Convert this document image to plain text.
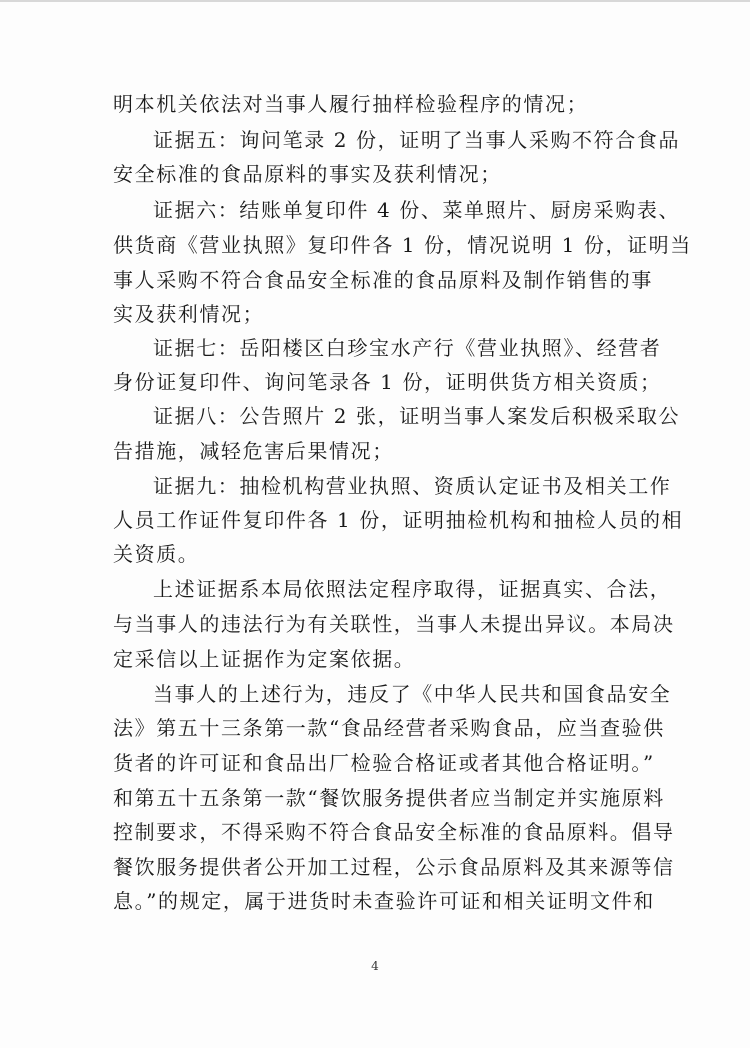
明本机关依法对当事人履行抽样检验程序的情况；
证据五：询问笔录 2 份，证明了当事人采购不符合食品
安全标准的食品原料的事实及获利情况；
证据六：结账单复印件 4 份、菜单照片、厨房采购表、
供货商《营业执照》复印件各 1 份，情况说明 1 份，证明当
事人采购不符合食品安全标准的食品原料及制作销售的事
实及获利情况；
证据七：岳阳楼区白珍宝水产行《营业执照》、经营者
身份证复印件、询问笔录各 1 份，证明供货方相关资质；
证据八：公告照片 2 张，证明当事人案发后积极采取公
告措施，减轻危害后果情况；
证据九：抽检机构营业执照、资质认定证书及相关工作
人员工作证件复印件各 1 份，证明抽检机构和抽检人员的相
关资质。
上述证据系本局依照法定程序取得，证据真实、合法，
与当事人的违法行为有关联性，当事人未提出异议。本局决
定采信以上证据作为定案依据。
当事人的上述行为，违反了《中华人民共和国食品安全
法》第五十三条第一款“食品经营者采购食品，应当查验供
货者的许可证和食品出厂检验合格证或者其他合格证明。”
和第五十五条第一款“餐饮服务提供者应当制定并实施原料
控制要求，不得采购不符合食品安全标准的食品原料。倡导
餐饮服务提供者公开加工过程，公示食品原料及其来源等信
息。”的规定，属于进货时未查验许可证和相关证明文件和
4
